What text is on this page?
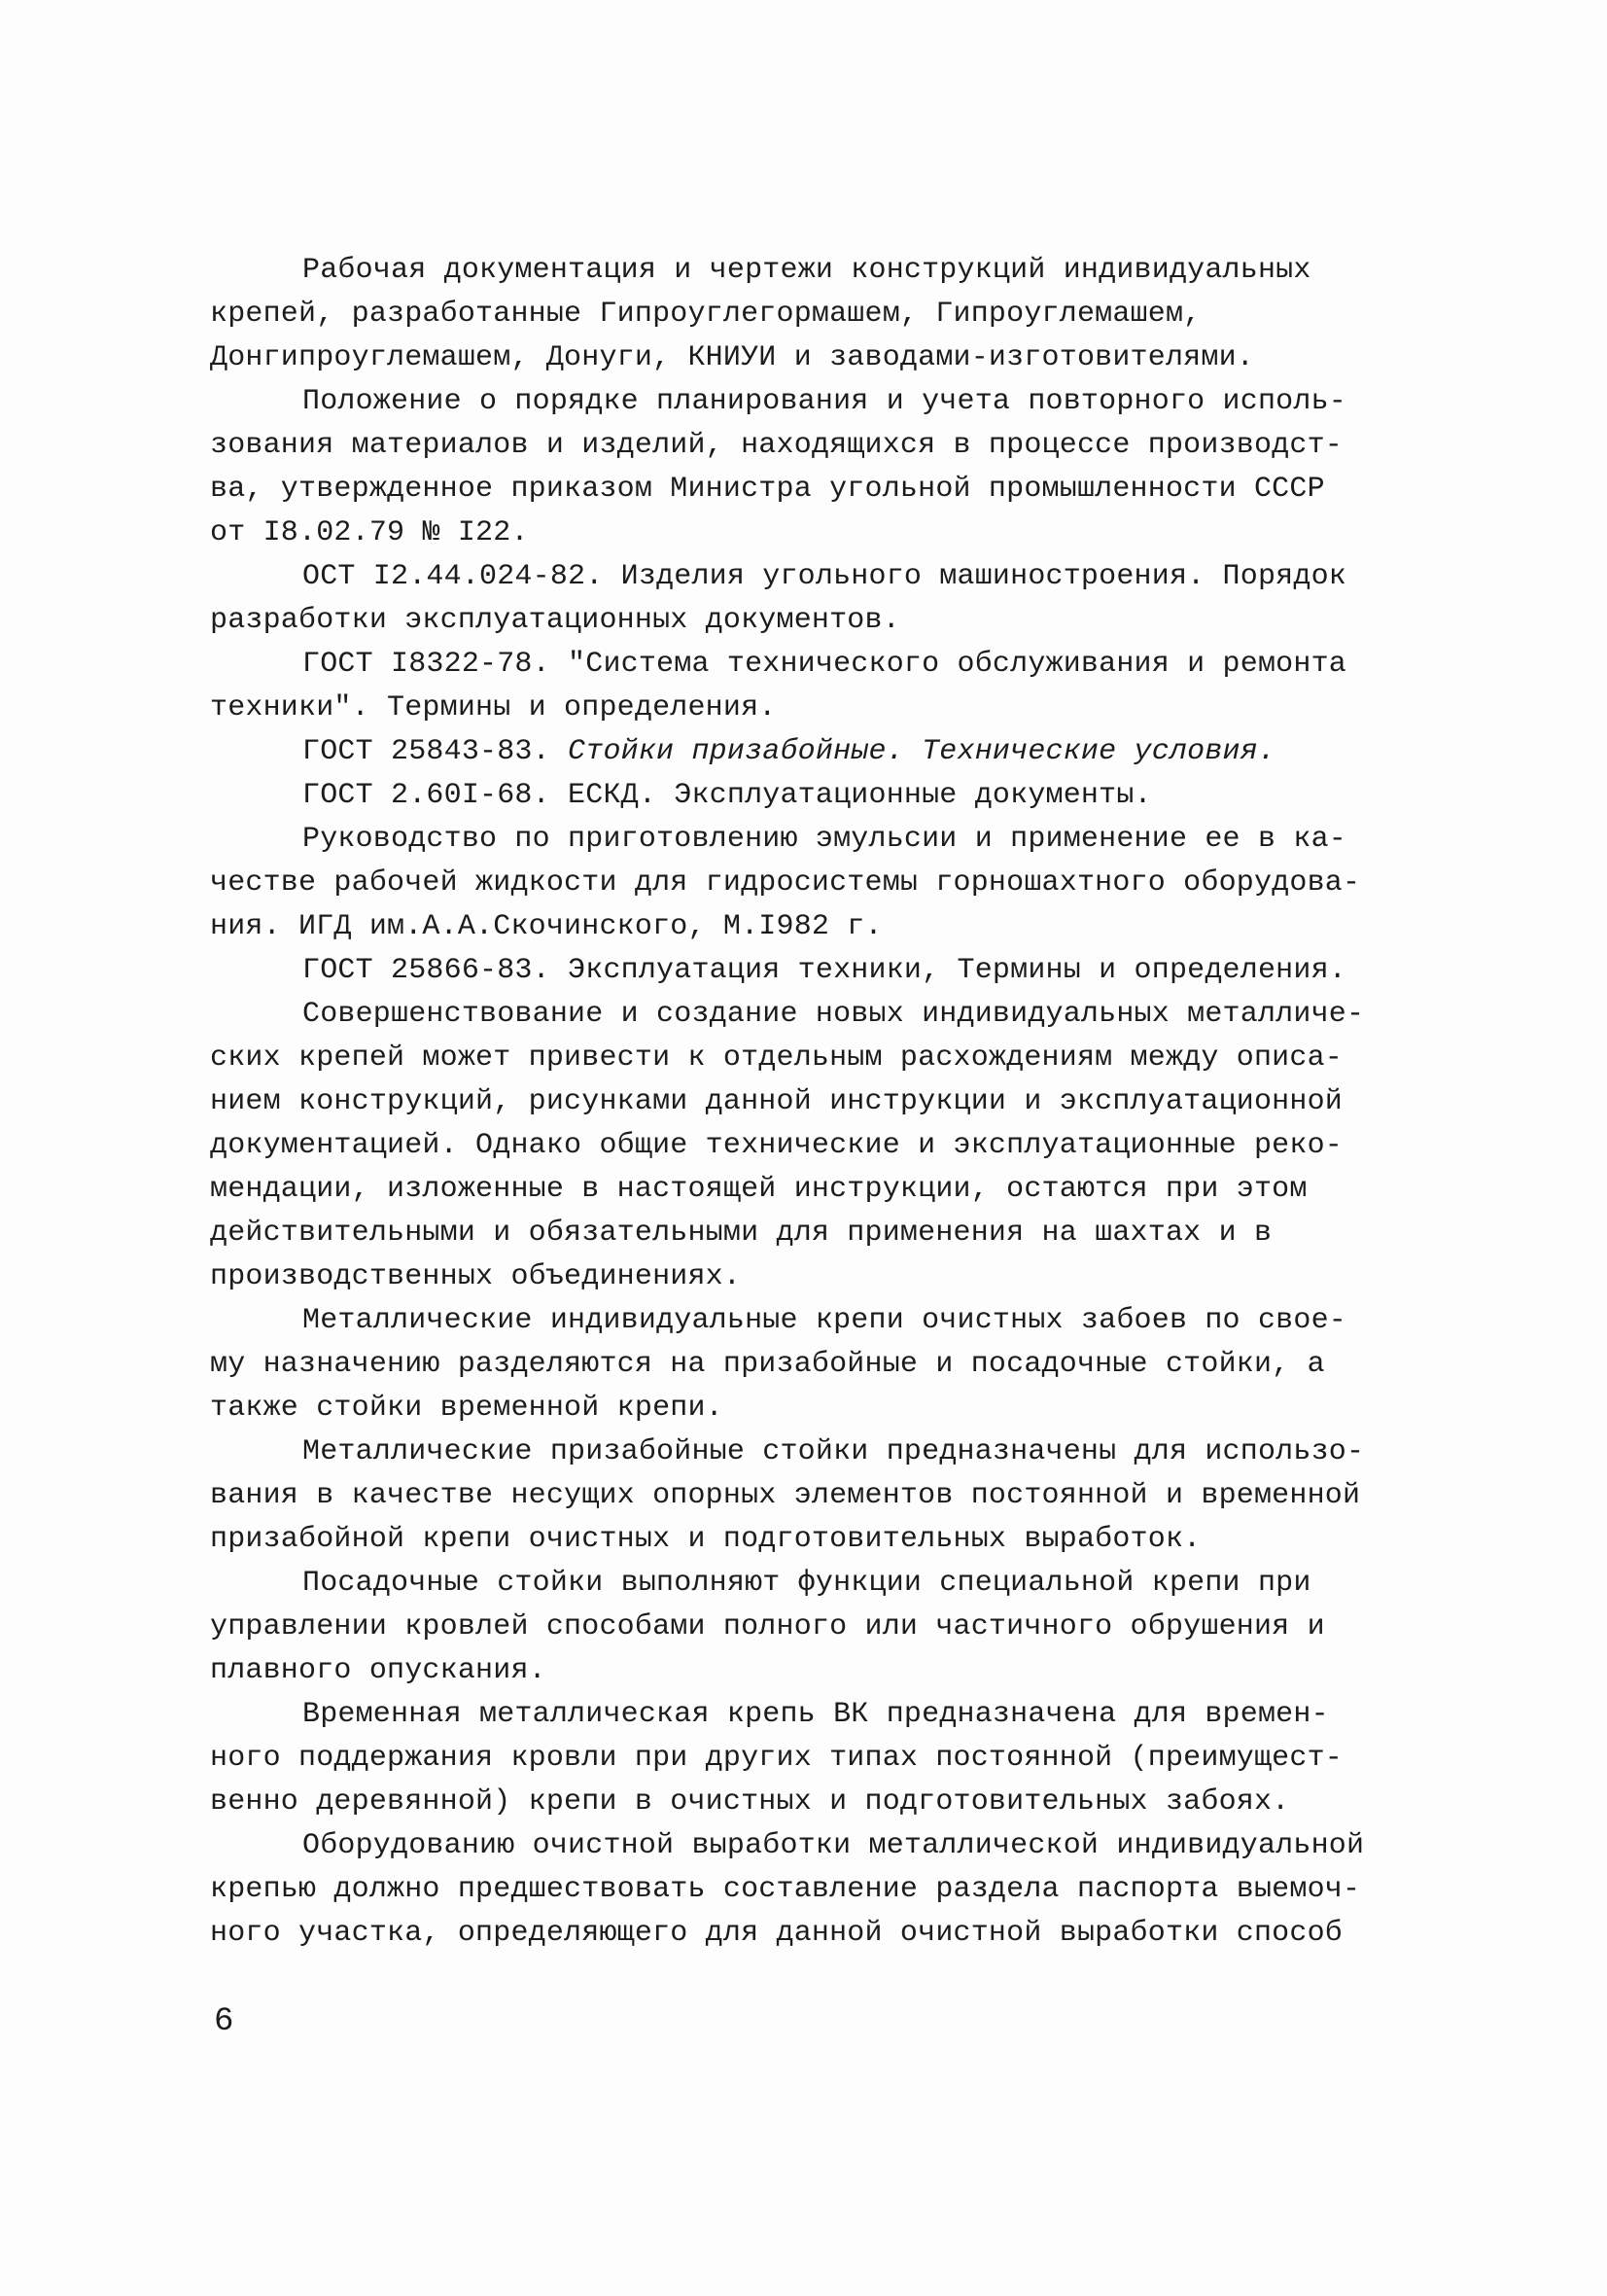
Рабочая документация и чертежи конструкций индивидуальных
крепей, разработанные Гипроуглегормашем, Гипроуглемашем,
Донгипроуглемашем, Донуги, КНИУИ и заводами-изготовителями.
Положение о порядке планирования и учета повторного исполь-
зования материалов и изделий, находящихся в процессе производст-
ва, утвержденное приказом Министра угольной промышленности СССР
от I8.02.79 № I22.
ОСТ I2.44.024-82. Изделия угольного машиностроения. Порядок
разработки эксплуатационных документов.
ГОСТ I8322-78. "Система технического обслуживания и ремонта
техники". Термины и определения.
ГОСТ 25843-83. Стойки призабойные. Технические условия.
ГОСТ 2.60I-68. ЕСКД. Эксплуатационные документы.
Руководство по приготовлению эмульсии и применение ее в ка-
честве рабочей жидкости для гидросистемы горношахтного оборудова-
ния. ИГД им.А.А.Скочинского, М.I982 г.
ГОСТ 25866-83. Эксплуатация техники, Термины и определения.
Совершенствование и создание новых индивидуальных металличе-
ских крепей может привести к отдельным расхождениям между описа-
нием конструкций, рисунками данной инструкции и эксплуатационной
документацией. Однако общие технические и эксплуатационные реко-
мендации, изложенные в настоящей инструкции, остаются при этом
действительными и обязательными для применения на шахтах и в
производственных объединениях.
Металлические индивидуальные крепи очистных забоев по свое-
му назначению разделяются на призабойные и посадочные стойки, а
также стойки временной крепи.
Металлические призабойные стойки предназначены для использо-
вания в качестве несущих опорных элементов постоянной и временной
призабойной крепи очистных и подготовительных выработок.
Посадочные стойки выполняют функции специальной крепи при
управлении кровлей способами полного или частичного обрушения и
плавного опускания.
Временная металлическая крепь ВК предназначена для времен-
ного поддержания кровли при других типах постоянной (преимущест-
венно деревянной) крепи в очистных и подготовительных забоях.
Оборудованию очистной выработки металлической индивидуальной
крепью должно предшествовать составление раздела паспорта выемоч-
ного участка, определяющего для данной очистной выработки способ
6
